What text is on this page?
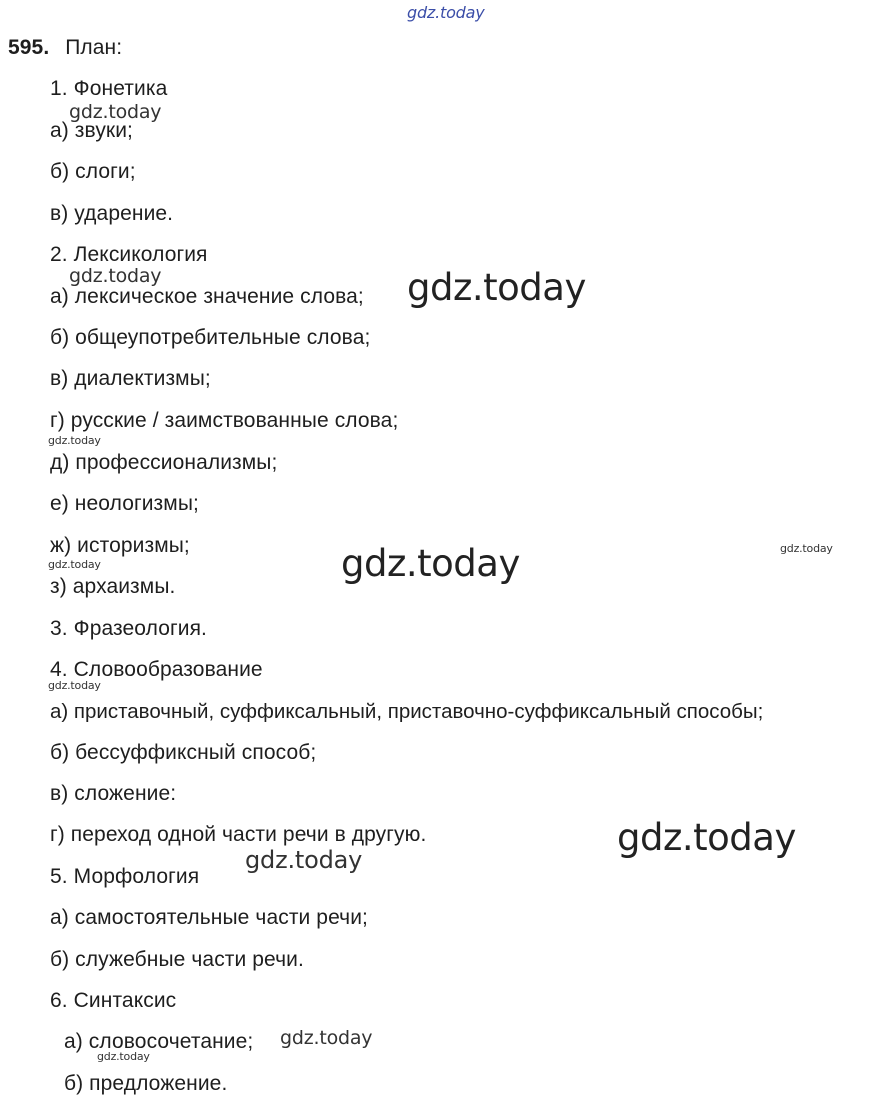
gdz.today
595. План:
1. Фонетика
а) звуки;
б) слоги;
в) ударение.
2. Лексикология
а) лексическое значение слова;
б) общеупотребительные слова;
в) диалектизмы;
г) русские / заимствованные слова;
д) профессионализмы;
е) неологизмы;
ж) историзмы;
з) архаизмы.
3. Фразеология.
4. Словообразование
а) приставочный, суффиксальный, приставочно-суффиксальный способы;
б) бессуффиксный способ;
в) сложение:
г) переход одной части речи в другую.
5. Морфология
а) самостоятельные части речи;
б) служебные части речи.
6. Синтаксис
а) словосочетание;
б) предложение.
gdz.today
gdz.today	gdz.today
gdz.today
gdz.today	gdz.today
gdz.today
gdz.today
gdz.today
gdz.today
gdz.today
gdz.today
